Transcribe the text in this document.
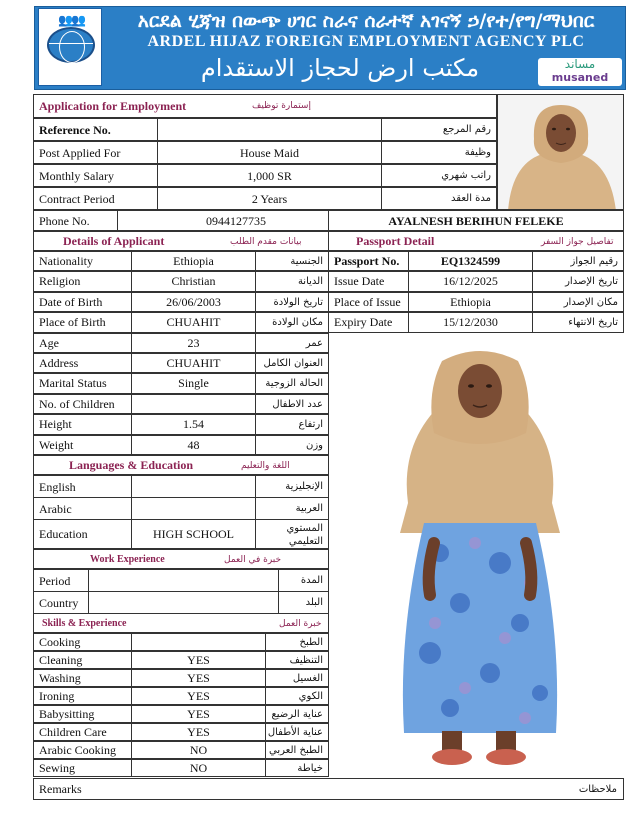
👥👥	አርደል ሂጃዝ በውጭ ሀገር ስራና ሰራተኛ አገናኝ ኃ/የተ/የግ/ማህበር
ARDEL HIJAZ FOREIGN EMPLOYMENT AGENCY PLC
مكتب ارض لحجاز الاستقدام	مساند
musaned
Application for Employment	إستمارة توظيف
Reference No.	رقم المرجع
Post Applied For	House Maid	وظيفة
Monthly Salary	1,000 SR	راتب شهري
Contract Period	2 Years	مدة العقد
Phone No.	0944127735	AYALNESH BERIHUN FELEKE
Details of Applicant	بيانات مقدم الطلب
Nationality	Ethiopia	الجنسية
Religion	Christian	الديانة
Date of Birth	26/06/2003	تاريخ الولادة
Place of Birth	CHUAHIT	مكان الولادة
Age	23	عمر
Address	CHUAHIT	العنوان الكامل
Marital Status	Single	الحالة الزوجية
No. of Children	عدد الاطفال
Height	1.54	ارتفاع
Weight	48	وزن
Passport Detail	تفاصيل جواز السفر
Passport No.	EQ1324599	رقيم الجواز
Issue Date	16/12/2025	تاريخ الإصدار
Place of Issue	Ethiopia	مكان الإصدار
Expiry Date	15/12/2030	تاريخ الانتهاء
Languages & Education	اللغة والتعليم
English	الإنجليزية
Arabic	العربية
Education	HIGH SCHOOL	المستوي
التعليمي
Work Experience	خبرة في العمل
Period	المدة
Country	البلد
Skills & Experience	خبرة العمل
Cooking	الطبخ
Cleaning	YES	التنظيف
Washing	YES	الغسيل
Ironing	YES	الكوي
Babysitting	YES	عناية الرضيع
Children Care	YES	عناية الأطفال
Arabic Cooking	NO	الطبخ العربي
Sewing	NO	خياطة
Remarks	ملاحظات
